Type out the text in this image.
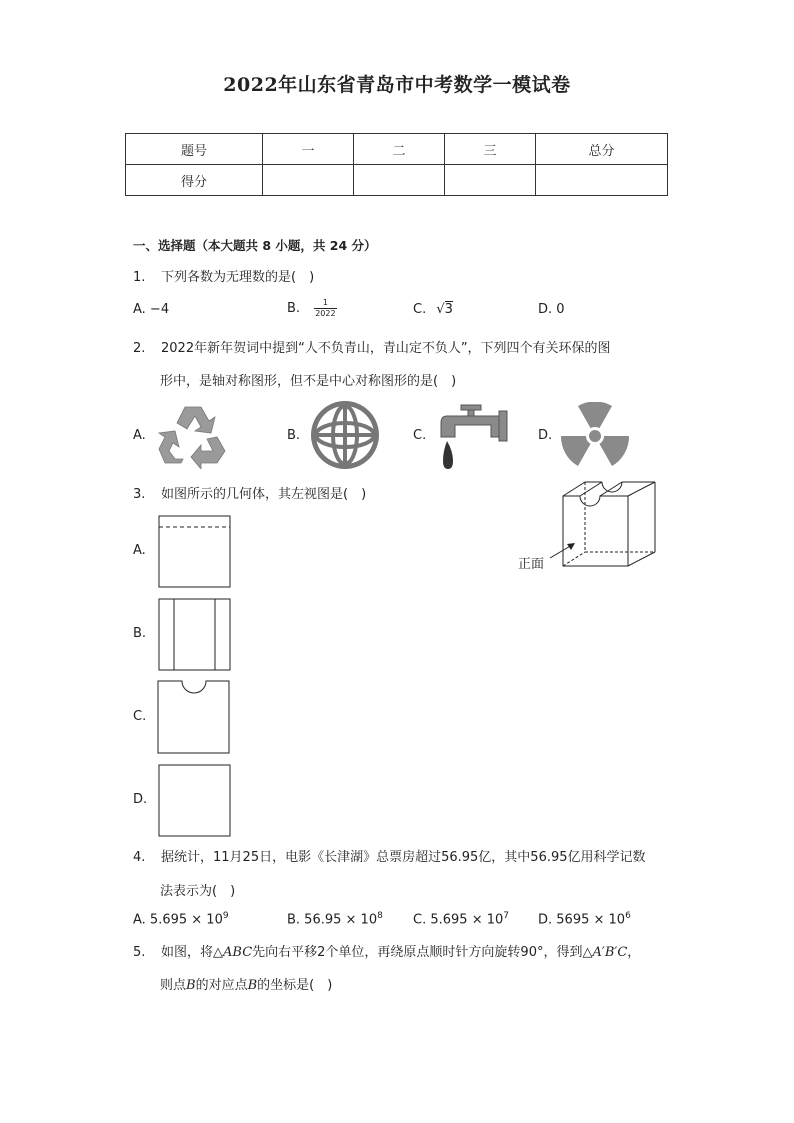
2022年山东省青岛市中考数学一模试卷
题号	一	二	三	总分
得分				
一、选择题（本大题共 8 小题，共 24 分）
1. 下列各数为无理数的是(　)
A. −4	B. $\frac{1}{2022}$	C. √3	D. 0
2. 2022年新年贺词中提到“人不负青山，青山定不负人”，下列四个有关环保的图
形中，是轴对称图形，但不是中心对称图形的是(　)
A.	B.	C.	D.
3. 如图所示的几何体，其左视图是(　)
正面
A.
B.
C.
D.
4. 据统计，11月25日，电影《长津湖》总票房超过56.95亿，其中56.95亿用科学记数
法表示为(　)
A. $5.695 \times 10^9$	B. $56.95 \times 10^8$ C. $5.695 \times 10^7$ D. $5695 \times 10^6$
5. 如图，将△ABC先向右平移2个单位，再绕原点顺时针方向旋转90°，得到△A′B′C，
则点B的对应点B的坐标是(　)
